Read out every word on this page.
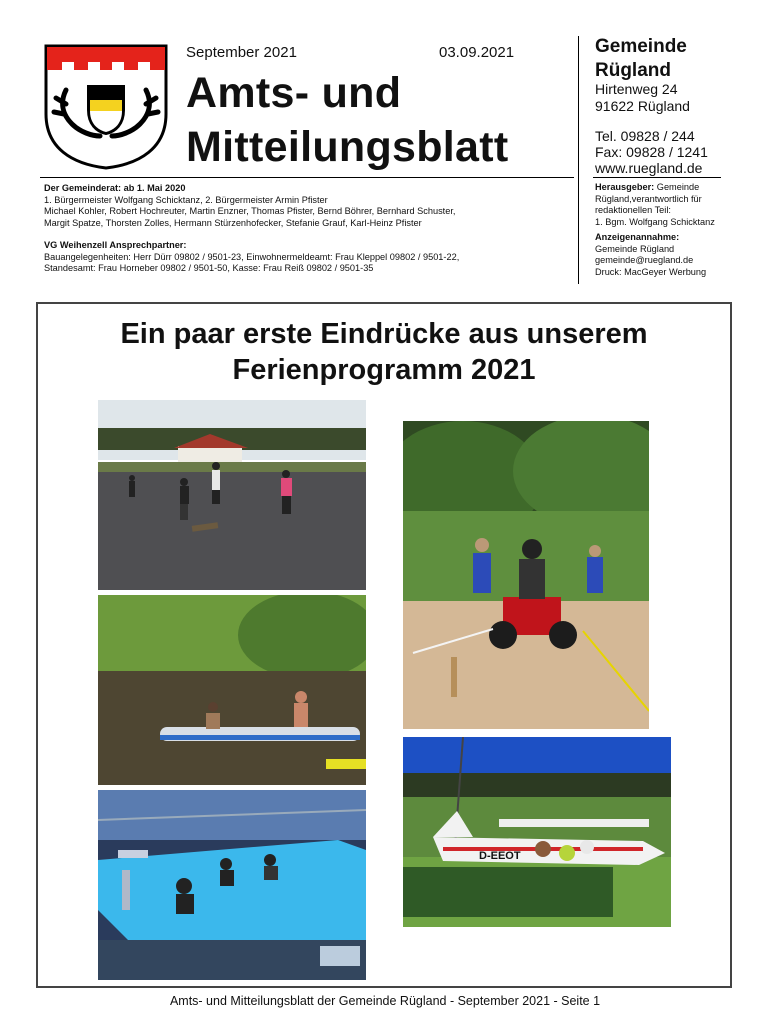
September 2021	03.09.2021
Amts- und
Mitteilungsblatt
Gemeinde
Rügland
Hirtenweg 24
91622 Rügland
Tel. 09828 / 244
Fax: 09828 / 1241
www.ruegland.de
Herausgeber: Gemeinde
Rügland,verantwortlich für
redaktionellen Teil:
1. Bgm. Wolfgang Schicktanz
Anzeigenannahme:
Gemeinde Rügland
gemeinde@ruegland.de
Druck: MacGeyer Werbung
Der Gemeinderat: ab 1. Mai 2020
1. Bürgermeister Wolfgang Schicktanz, 2. Bürgermeister Armin Pfister
Michael Kohler, Robert Hochreuter, Martin Enzner, Thomas Pfister, Bernd Böhrer, Bernhard Schuster,
Margit Spatze, Thorsten Zolles, Hermann Stürzenhofecker, Stefanie Grauf, Karl-Heinz Pfister
VG Weihenzell Ansprechpartner:
Bauangelegenheiten: Herr Dürr 09802 / 9501-23, Einwohnermeldeamt: Frau Kleppel 09802 / 9501-22,
Standesamt: Frau Horneber 09802 / 9501-50, Kasse: Frau Reiß 09802 / 9501-35
Ein paar erste Eindrücke aus unserem
Ferienprogramm 2021
D-EEOT
Amts- und Mitteilungsblatt der Gemeinde Rügland - September 2021 - Seite 1
